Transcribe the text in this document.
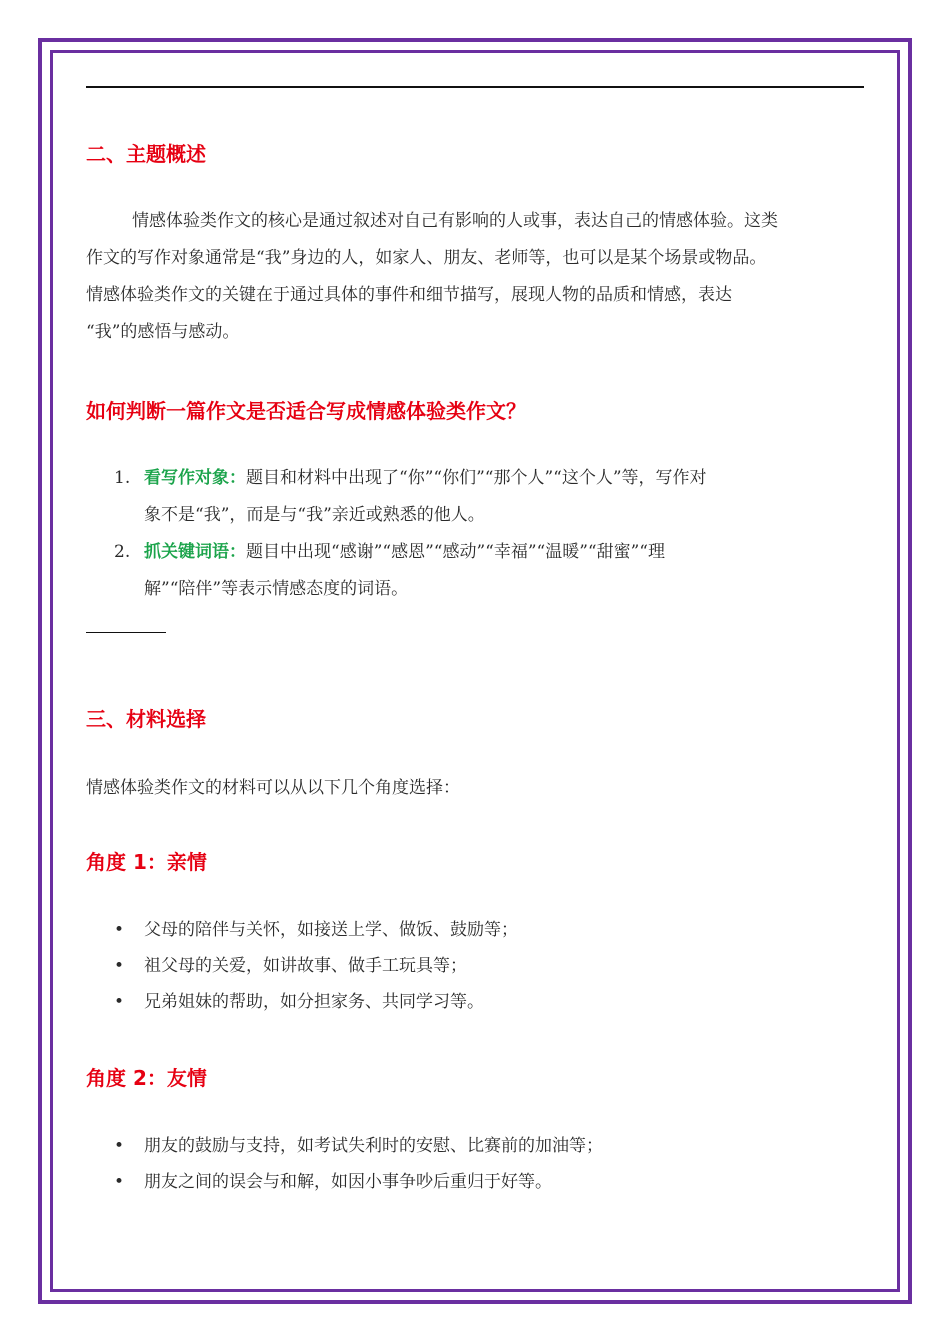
二、主题概述

情感体验类作文的核心是通过叙述对自己有影响的人或事，表达自己的情感体验。这类
作文的写作对象通常是“我”身边的人，如家人、朋友、老师等，也可以是某个场景或物品。
情感体验类作文的关键在于通过具体的事件和细节描写，展现人物的品质和情感，表达
“我”的感悟与感动。

如何判断一篇作文是否适合写成情感体验类作文？
1. 看写作对象：题目和材料中出现了“你”“你们”“那个人”“这个人”等，写作对
象不是“我”，而是与“我”亲近或熟悉的他人。
2. 抓关键词语：题目中出现“感谢”“感恩”“感动”“幸福”“温暖”“甜蜜”“理
解”“陪伴”等表示情感态度的词语。
三、材料选择

情感体验类作文的材料可以从以下几个角度选择：

角度 1：亲情
• 父母的陪伴与关怀，如接送上学、做饭、鼓励等；
• 祖父母的关爱，如讲故事、做手工玩具等；
• 兄弟姐妹的帮助，如分担家务、共同学习等。
角度 2：友情
• 朋友的鼓励与支持，如考试失利时的安慰、比赛前的加油等；
• 朋友之间的误会与和解，如因小事争吵后重归于好等。
